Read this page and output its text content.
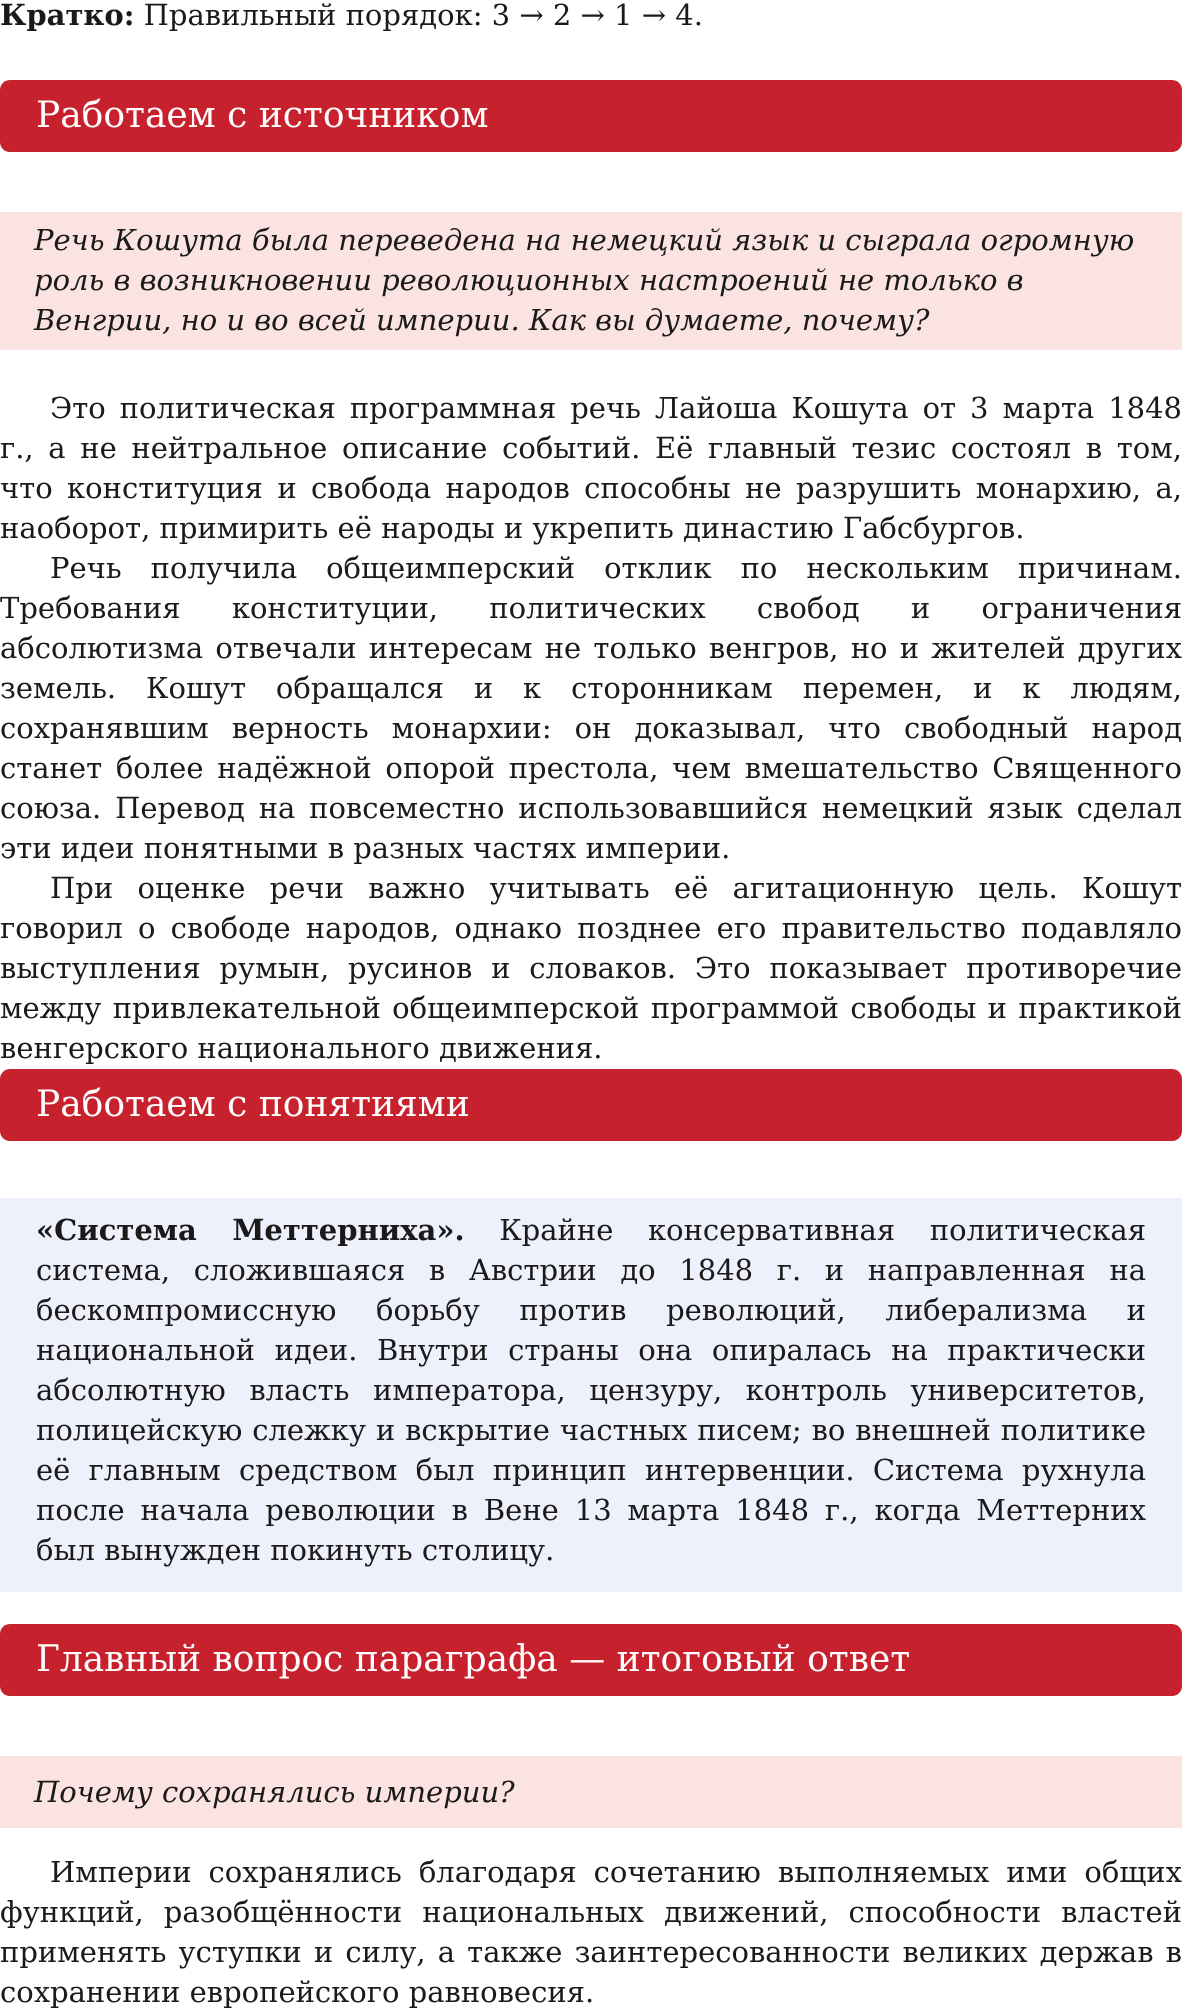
Кратко: Правильный порядок: 3 → 2 → 1 → 4.
Работаем с источником
Речь Кошута была переведена на немецкий язык и сыграла огромную роль в возникновении революционных настроений не только в Венгрии, но и во всей империи. Как вы думаете, почему?

Это политическая программная речь Лайоша Кошута от 3 марта 1848 г., а не нейтральное описание событий. Её главный тезис состоял в том, что конституция и свобода народов способны не разрушить монархию, а, наоборот, примирить её народы и укрепить династию Габсбургов.

Речь получила общеимперский отклик по нескольким причинам. Требования конституции, политических свобод и ограничения абсолютизма отвечали интересам не только венгров, но и жителей других земель. Кошут обращался и к сторонникам перемен, и к людям, сохранявшим верность монархии: он доказывал, что свободный народ станет более надёжной опорой престола, чем вмешательство Священного союза. Перевод на повсеместно использовавшийся немецкий язык сделал эти идеи понятными в разных частях империи.

При оценке речи важно учитывать её агитационную цель. Кошут говорил о свободе народов, однако позднее его правительство подавляло выступления румын, русинов и словаков. Это показывает противоречие между привлекательной общеимперской программой свободы и практикой венгерского национального движения.

Работаем с понятиями
«Система Меттерниха». Крайне консервативная политическая система, сложившаяся в Австрии до 1848 г. и направленная на бескомпромиссную борьбу против революций, либерализма и национальной идеи. Внутри страны она опиралась на практически абсолютную власть императора, цензуру, контроль университетов, полицейскую слежку и вскрытие частных писем; во внешней политике её главным средством был принцип интервенции. Система рухнула после начала революции в Вене 13 марта 1848 г., когда Меттерних был вынужден покинуть столицу.
Главный вопрос параграфа — итоговый ответ
Почему сохранялись империи?

Империи сохранялись благодаря сочетанию выполняемых ими общих функций, разобщённости национальных движений, способности властей применять уступки и силу, а также заинтересованности великих держав в сохранении европейского равновесия.
